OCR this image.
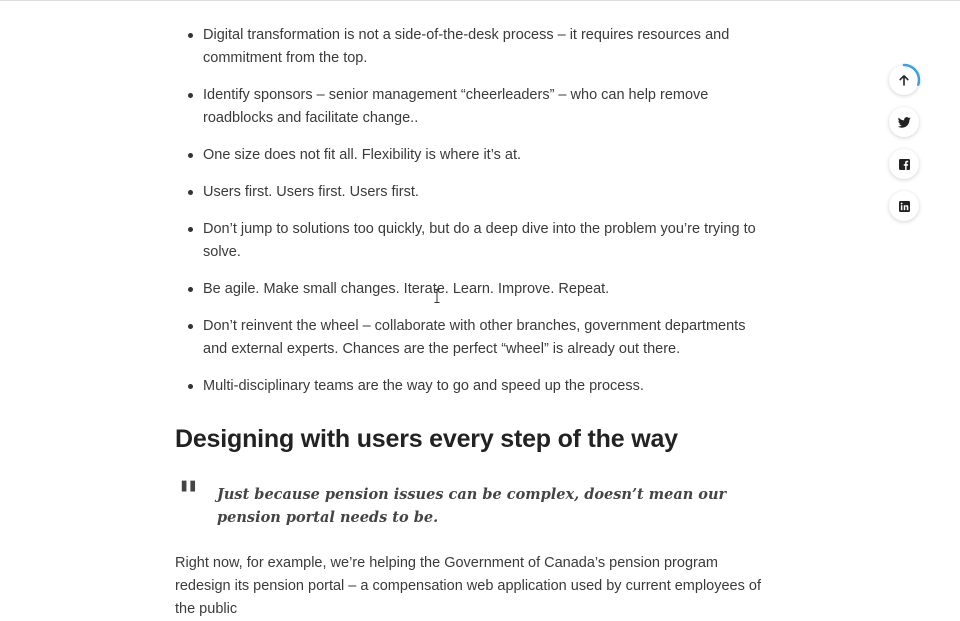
Digital transformation is not a side-of-the-desk process – it requires resources and commitment from the top.
Identify sponsors – senior management “cheerleaders” – who can help remove roadblocks and facilitate change..
One size does not fit all. Flexibility is where it’s at.
Users first. Users first. Users first.
Don’t jump to solutions too quickly, but do a deep dive into the problem you’re trying to solve.
Be agile. Make small changes. Iterate. Learn. Improve. Repeat.
Don’t reinvent the wheel – collaborate with other branches, government departments and external experts. Chances are the perfect “wheel” is already out there.
Multi-disciplinary teams are the way to go and speed up the process.
Designing with users every step of the way
" Just because pension issues can be complex, doesn’t mean our pension portal needs to be.

Right now, for example, we’re helping the Government of Canada’s pension program redesign its pension portal – a compensation web application used by current employees of the public
